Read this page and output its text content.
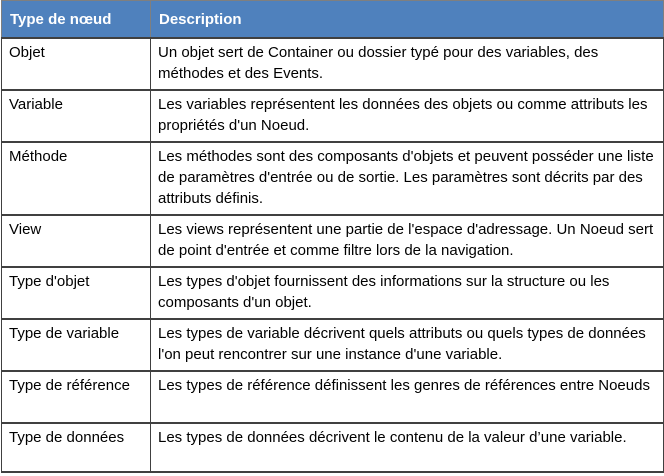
Type de nœud	Description
Objet	Un objet sert de Container ou dossier typé pour des variables, des méthodes et des Events.
Variable	Les variables représentent les données des objets ou comme attributs les propriétés d'un Noeud.
Méthode	Les méthodes sont des composants d'objets et peuvent posséder une liste de paramètres d'entrée ou de sortie. Les paramètres sont décrits par des attributs définis.
View	Les views représentent une partie de l'espace d'adressage. Un Noeud sert de point d'entrée et comme filtre lors de la navigation.
Type d'objet	Les types d'objet fournissent des informations sur la structure ou les composants d'un objet.
Type de variable	Les types de variable décrivent quels attributs ou quels types de données l'on peut rencontrer sur une instance d'une variable.
Type de référence	Les types de référence définissent les genres de références entre Noeuds
Type de données	Les types de données décrivent le contenu de la valeur d’une variable.
